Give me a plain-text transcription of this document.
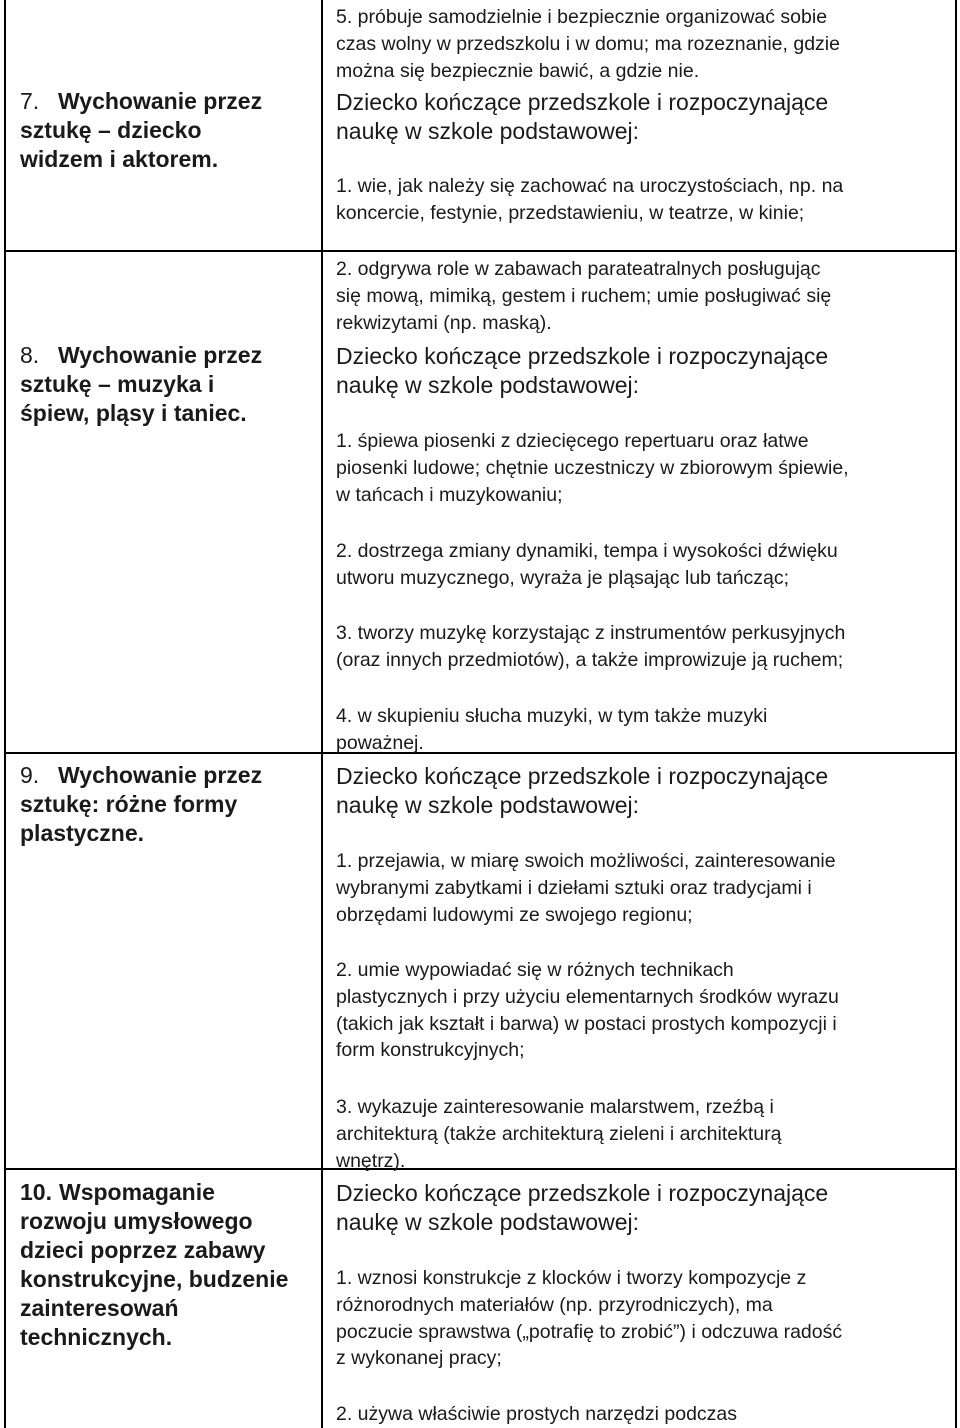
7. Wychowanie przez
sztukę – dziecko
widzem i aktorem.
8. Wychowanie przez
sztukę – muzyka i
śpiew, pląsy i taniec.
9. Wychowanie przez
sztukę: różne formy
plastyczne.
10. Wspomaganie
rozwoju umysłowego
dzieci poprzez zabawy
konstrukcyjne, budzenie
zainteresowań
technicznych.
5. próbuje samodzielnie i bezpiecznie organizować sobie
czas wolny w przedszkolu i w domu; ma rozeznanie, gdzie
można się bezpiecznie bawić, a gdzie nie.
Dziecko kończące przedszkole i rozpoczynające
naukę w szkole podstawowej:
1. wie, jak należy się zachować na uroczystościach, np. na
koncercie, festynie, przedstawieniu, w teatrze, w kinie;
2. odgrywa role w zabawach parateatralnych posługując
się mową, mimiką, gestem i ruchem; umie posługiwać się
rekwizytami (np. maską).
Dziecko kończące przedszkole i rozpoczynające
naukę w szkole podstawowej:
1. śpiewa piosenki z dziecięcego repertuaru oraz łatwe
piosenki ludowe; chętnie uczestniczy w zbiorowym śpiewie,
w tańcach i muzykowaniu;
2. dostrzega zmiany dynamiki, tempa i wysokości dźwięku
utworu muzycznego, wyraża je pląsając lub tańcząc;
3. tworzy muzykę korzystając z instrumentów perkusyjnych
(oraz innych przedmiotów), a także improwizuje ją ruchem;
4. w skupieniu słucha muzyki, w tym także muzyki
poważnej.
Dziecko kończące przedszkole i rozpoczynające
naukę w szkole podstawowej:
1. przejawia, w miarę swoich możliwości, zainteresowanie
wybranymi zabytkami i dziełami sztuki oraz tradycjami i
obrzędami ludowymi ze swojego regionu;
2. umie wypowiadać się w różnych technikach
plastycznych i przy użyciu elementarnych środków wyrazu
(takich jak kształt i barwa) w postaci prostych kompozycji i
form konstrukcyjnych;
3. wykazuje zainteresowanie malarstwem, rzeźbą i
architekturą (także architekturą zieleni i architekturą
wnętrz).
Dziecko kończące przedszkole i rozpoczynające
naukę w szkole podstawowej:
1. wznosi konstrukcje z klocków i tworzy kompozycje z
różnorodnych materiałów (np. przyrodniczych), ma
poczucie sprawstwa („potrafię to zrobić”) i odczuwa radość
z wykonanej pracy;
2. używa właściwie prostych narzędzi podczas
